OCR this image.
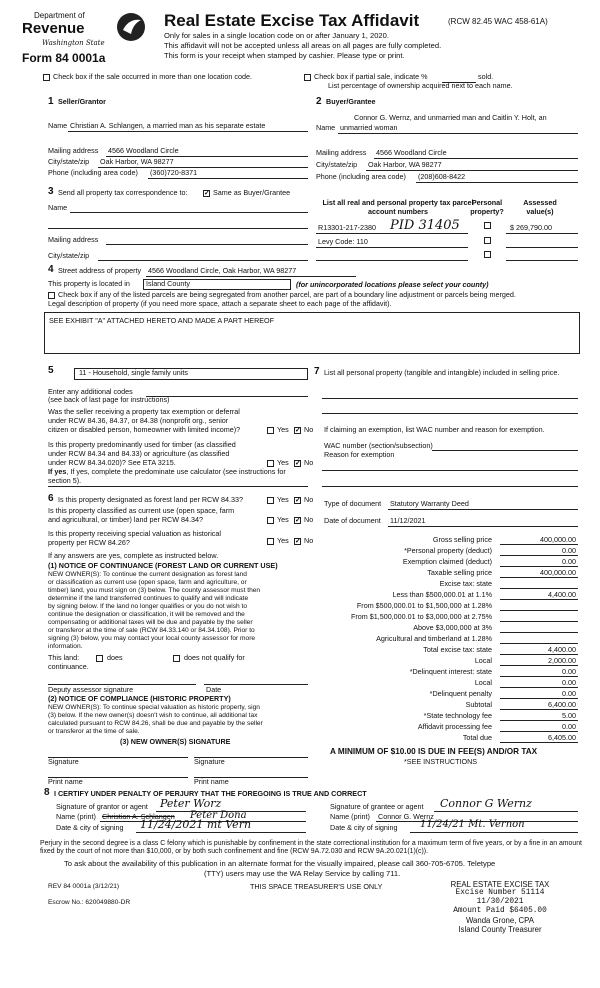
Department of
Revenue
Washington State
Form 84 0001a
Real Estate Excise Tax Affidavit	(RCW 82.45 WAC 458-61A)
Only for sales in a single location code on or after January 1, 2020.
This affidavit will not be accepted unless all areas on all pages are fully completed.
This form is your receipt when stamped by cashier. Please type or print.
Check box if the sale occurred in more than one location code.	Check box if partial sale, indicate %	sold.
List percentage of ownership acquired next to each name.
1 Seller/Grantor
Name Christian A. Schlangen, a married man as his separate estate
Mailing address 4566 Woodland Circle
City/state/zip Oak Harbor, WA 98277
Phone (including area code) (360)720-8371
2 Buyer/Grantee
Connor G. Wernz, and unmarried man and Caitlin Y. Holt, an
Name unmarried woman
Mailing address 4566 Woodland Circle
City/state/zip Oak Harbor, WA 98277
Phone (including area code) (208)608-8422
3 Send all property tax correspondence to: ✓ Same as Buyer/Grantee
Name
Mailing address
City/state/zip
List all real and personal property tax parcel account numbers
Personal property?
Assessed value(s)
R13301-217-2380 PID 31405	$ 269,790.00
Levy Code: 110
4 Street address of property 4566 Woodland Circle, Oak Harbor, WA 98277
This property is located in Island County	(for unincorporated locations please select your county)
Check box if any of the listed parcels are being segregated from another parcel, are part of a boundary line adjustment or parcels being merged.
Legal description of property (if you need more space, attach a separate sheet to each page of the affidavit).
SEE EXHIBIT "A" ATTACHED HERETO AND MADE A PART HEREOF
5	11 - Household, single family units
Enter any additional codes
(see back of last page for instructions)
Was the seller receiving a property tax exemption or deferral
under RCW 84.36, 84.37, or 84.38 (nonprofit org., senior
citizen or disabled person, homeowner with limited income)?	Yes ✓ No
Is this property predominantly used for timber (as classified
under RCW 84.34 and 84.33) or agriculture (as classified
under RCW 84.34.020)? See ETA 3215.	Yes ✓ No
If yes, If yes, complete the predominate use calculator (see instructions for
section 5).
7 List all personal property (tangible and intangible) included in selling price.
If claiming an exemption, list WAC number and reason for exemption.
WAC number (section/subsection)
Reason for exemption
Type of document Statutory Warranty Deed
Date of document 11/12/2021
6 Is this property designated as forest land per RCW 84.33?	Yes ✓ No
Is this property classified as current use (open space, farm
and agricultural, or timber) land per RCW 84.34?	Yes ✓ No
Is this property receiving special valuation as historical
property per RCW 84.26?	Yes ✓ No
If any answers are yes, complete as instructed below.
(1) NOTICE OF CONTINUANCE (FOREST LAND OR CURRENT USE)
NEW OWNER(S): To continue the current designation as forest land
or classification as current use (open space, farm and agriculture, or
timber) land, you must sign on (3) below. The county assessor must then
determine if the land transferred continues to qualify and will indicate
by signing below. If the land no longer qualifies or you do not wish to
continue the designation or classification, it will be removed and the
compensating or additional taxes will be due and payable by the seller
or transferor at the time of sale (RCW 84.33.140 or 84.34.108). Prior to
signing (3) below, you may contact your local county assessor for more
information.
This land:	does	does not qualify for
continuance.
Deputy assessor signature	Date
(2) NOTICE OF COMPLIANCE (HISTORIC PROPERTY)
NEW OWNER(S): To continue special valuation as historic property, sign
(3) below. If the new owner(s) doesn't wish to continue, all additional tax
calculated pursuant to RCW 84.26, shall be due and payable by the seller
or transferor at the time of sale.
(3) NEW OWNER(S) SIGNATURE
Signature	Signature
Print name	Print name
Gross selling price	400,000.00
*Personal property (deduct)	0.00
Exemption claimed (deduct)	0.00
Taxable selling price	400,000.00
Excise tax: state
Less than $500,000.01 at 1.1%	4,400.00
From $500,000.01 to $1,500,000 at 1.28%
From $1,500,000.01 to $3,000,000 at 2.75%
Above $3,000,000 at 3%
Agricultural and timberland at 1.28%
Total excise tax: state	4,400.00
Local	2,000.00
*Delinquent interest: state	0.00
Local	0.00
*Delinquent penalty	0.00
Subtotal	6,400.00
*State technology fee	5.00
Affidavit processing fee	0.00
Total due	6,405.00
A MINIMUM OF $10.00 IS DUE IN FEE(S) AND/OR TAX
*SEE INSTRUCTIONS
8 I CERTIFY UNDER PENALTY OF PERJURY THAT THE FOREGOING IS TRUE AND CORRECT
Signature of grantor or agent Peter Worz
Name (print) Christian A. Schlangen Peter Dona
Date & city of signing 11/24/2021 mt Vern
Signature of grantee or agent Connor G Wernz
Name (print) Connor G. Wernz
Date & city of signing 11/24/21 Mt. Vernon
Perjury in the second degree is a class C felony which is punishable by confinement in the state correctional institution for a maximum term of five years, or by a fine in an amount fixed by the court of not more than $10,000, or by both such confinement and fine (RCW 9A.72.030 and RCW 9A.20.021(1)(c)).
To ask about the availability of this publication in an alternate format for the visually impaired, please call 360-705-6705. Teletype
(TTY) users may use the WA Relay Service by calling 711.
REV 84 0001a (3/12/21)	THIS SPACE TREASURER'S USE ONLY
Escrow No.: 620049880-DR
REAL ESTATE EXCISE TAX
Excise Number 51114
11/30/2021
Amount Paid $6405.00
Wanda Grone, CPA
Island County Treasurer
